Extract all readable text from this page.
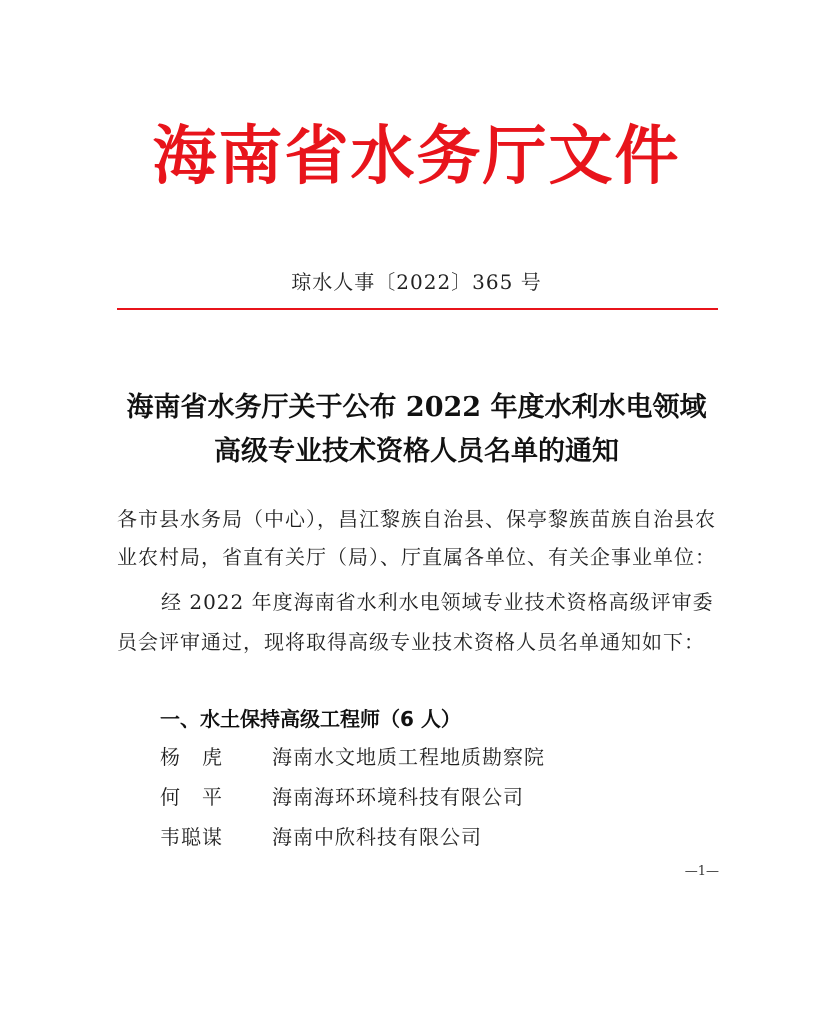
海南省水务厅文件
琼水人事〔2022〕365 号
海南省水务厅关于公布 2022 年度水利水电领域
高级专业技术资格人员名单的通知
各市县水务局（中心），昌江黎族自治县、保亭黎族苗族自治县农业农村局，省直有关厅（局）、厅直属各单位、有关企事业单位：
经 2022 年度海南省水利水电领域专业技术资格高级评审委员会评审通过，现将取得高级专业技术资格人员名单通知如下：
一、水土保持高级工程师（6 人）
杨　虎 海南水文地质工程地质勘察院
何　平 海南海环环境科技有限公司
韦聪谋 海南中欣科技有限公司
—1—
